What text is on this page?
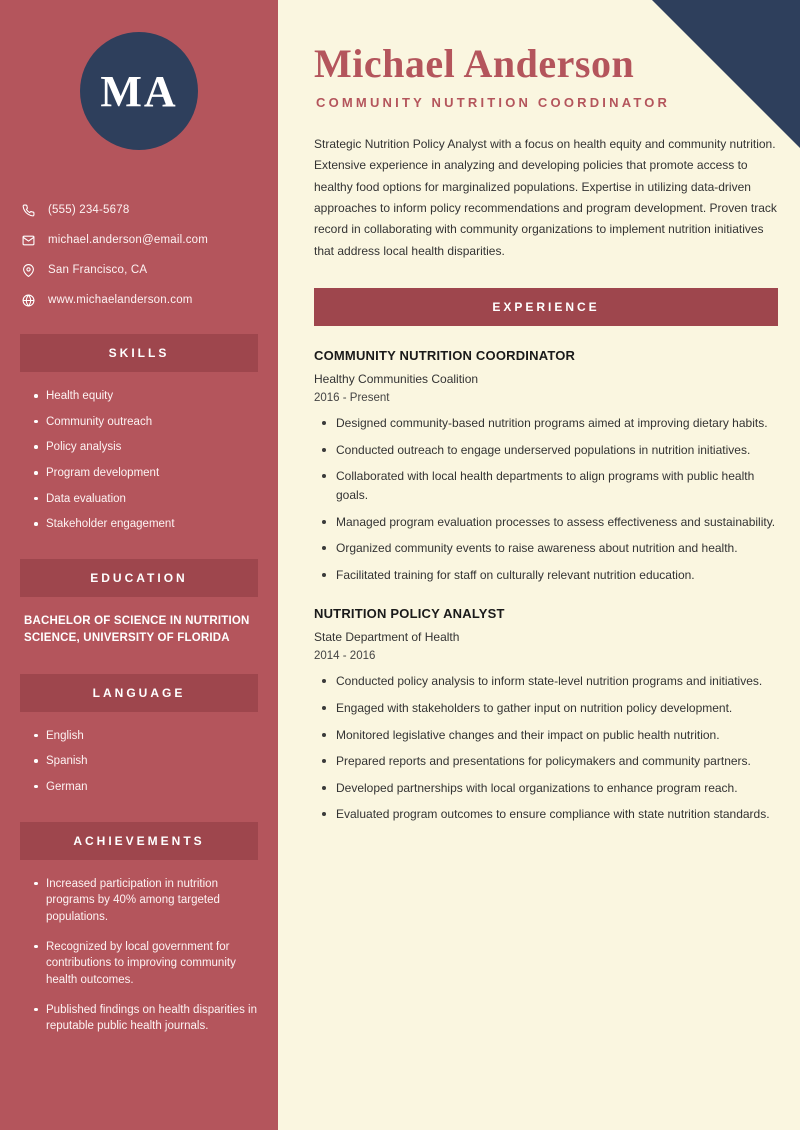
MA
(555) 234-5678
michael.anderson@email.com
San Francisco, CA
www.michaelanderson.com
SKILLS
Health equity
Community outreach
Policy analysis
Program development
Data evaluation
Stakeholder engagement
EDUCATION
BACHELOR OF SCIENCE IN NUTRITION SCIENCE, UNIVERSITY OF FLORIDA
LANGUAGE
English
Spanish
German
ACHIEVEMENTS
Increased participation in nutrition programs by 40% among targeted populations.
Recognized by local government for contributions to improving community health outcomes.
Published findings on health disparities in reputable public health journals.
Michael Anderson
COMMUNITY NUTRITION COORDINATOR

Strategic Nutrition Policy Analyst with a focus on health equity and community nutrition. Extensive experience in analyzing and developing policies that promote access to healthy food options for marginalized populations. Expertise in utilizing data-driven approaches to inform policy recommendations and program development. Proven track record in collaborating with community organizations to implement nutrition initiatives that address local health disparities.

EXPERIENCE
COMMUNITY NUTRITION COORDINATOR
Healthy Communities Coalition
2016 - Present
Designed community-based nutrition programs aimed at improving dietary habits.
Conducted outreach to engage underserved populations in nutrition initiatives.
Collaborated with local health departments to align programs with public health goals.
Managed program evaluation processes to assess effectiveness and sustainability.
Organized community events to raise awareness about nutrition and health.
Facilitated training for staff on culturally relevant nutrition education.
NUTRITION POLICY ANALYST
State Department of Health
2014 - 2016
Conducted policy analysis to inform state-level nutrition programs and initiatives.
Engaged with stakeholders to gather input on nutrition policy development.
Monitored legislative changes and their impact on public health nutrition.
Prepared reports and presentations for policymakers and community partners.
Developed partnerships with local organizations to enhance program reach.
Evaluated program outcomes to ensure compliance with state nutrition standards.
